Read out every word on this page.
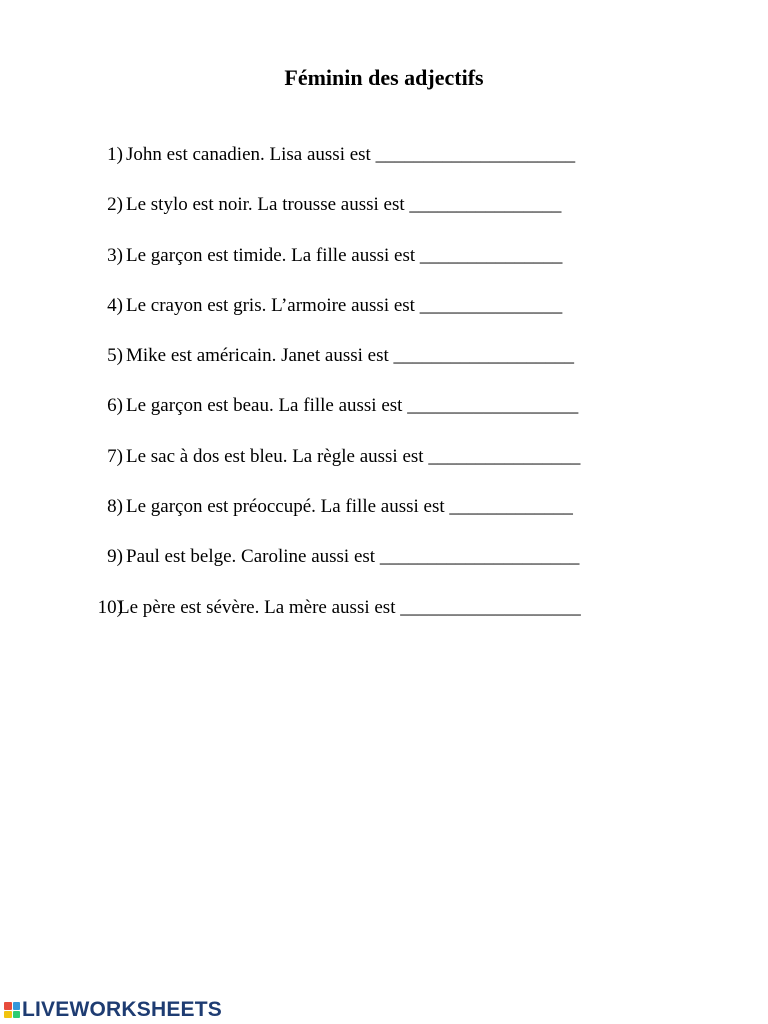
Féminin des adjectifs
1) John est canadien. Lisa aussi est _____________________
2) Le stylo est noir. La trousse aussi est ________________
3) Le garçon est timide. La fille aussi est _______________
4) Le crayon est gris. L’armoire aussi est _______________
5) Mike est américain. Janet aussi est ___________________
6) Le garçon est beau. La fille aussi est __________________
7) Le sac à dos est bleu. La règle aussi est ________________
8) Le garçon est préoccupé. La fille aussi est _____________
9) Paul est belge. Caroline aussi est _____________________
10)
Le père est sévère. La mère aussi est ___________________
LIVEWORKSHEETS
